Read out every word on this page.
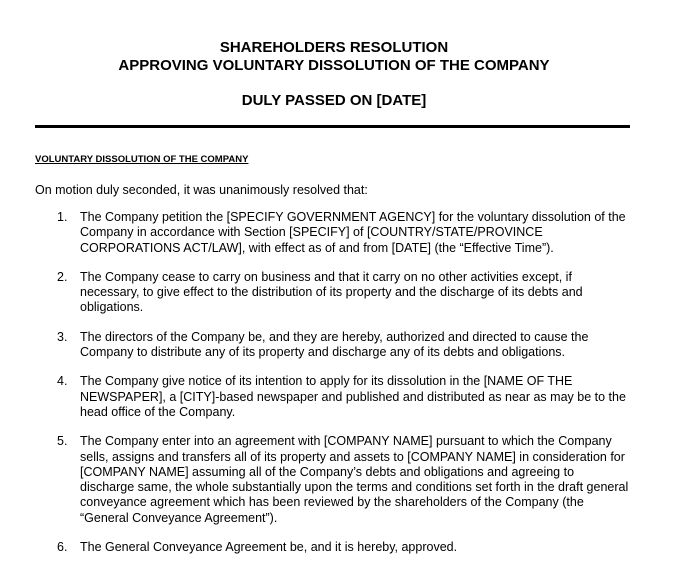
SHAREHOLDERS RESOLUTION
APPROVING VOLUNTARY DISSOLUTION OF THE COMPANY
DULY PASSED ON [DATE]
VOLUNTARY DISSOLUTION OF THE COMPANY
On motion duly seconded, it was unanimously resolved that:
1. The Company petition the [SPECIFY GOVERNMENT AGENCY] for the voluntary dissolution of the Company in accordance with Section [SPECIFY] of [COUNTRY/STATE/PROVINCE CORPORATIONS ACT/LAW], with effect as of and from [DATE] (the “Effective Time”).
2. The Company cease to carry on business and that it carry on no other activities except, if necessary, to give effect to the distribution of its property and the discharge of its debts and obligations.
3. The directors of the Company be, and they are hereby, authorized and directed to cause the Company to distribute any of its property and discharge any of its debts and obligations.
4. The Company give notice of its intention to apply for its dissolution in the [NAME OF THE NEWSPAPER], a [CITY]-based newspaper and published and distributed as near as may be to the head office of the Company.
5. The Company enter into an agreement with [COMPANY NAME] pursuant to which the Company sells, assigns and transfers all of its property and assets to [COMPANY NAME] in consideration for [COMPANY NAME] assuming all of the Company’s debts and obligations and agreeing to discharge same, the whole substantially upon the terms and conditions set forth in the draft general conveyance agreement which has been reviewed by the shareholders of the Company (the “General Conveyance Agreement”).
6. The General Conveyance Agreement be, and it is hereby, approved.
